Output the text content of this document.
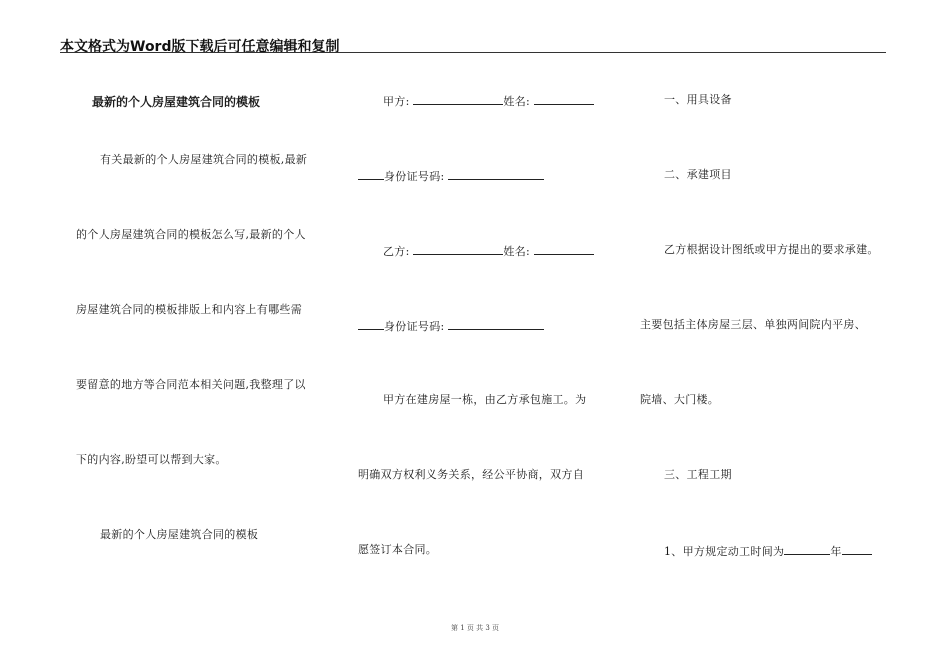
本文格式为Word版下载后可任意编辑和复制
最新的个人房屋建筑合同的模板
有关最新的个人房屋建筑合同的模板,最新
的个人房屋建筑合同的模板怎么写,最新的个人
房屋建筑合同的模板排版上和内容上有哪些需
要留意的地方等合同范本相关问题,我整理了以
下的内容,盼望可以帮到大家。
最新的个人房屋建筑合同的模板
甲方:	姓名:
身份证号码:
乙方:	姓名:
身份证号码:
甲方在建房屋一栋，由乙方承包施工。为
明确双方权利义务关系，经公平协商，双方自
愿签订本合同。
一、用具设备
二、承建项目
乙方根据设计图纸或甲方提出的要求承建。
主要包括主体房屋三层、单独两间院内平房、
院墙、大门楼。
三、工程工期
1、甲方规定动工时间为	年
第 1 页 共 3 页
